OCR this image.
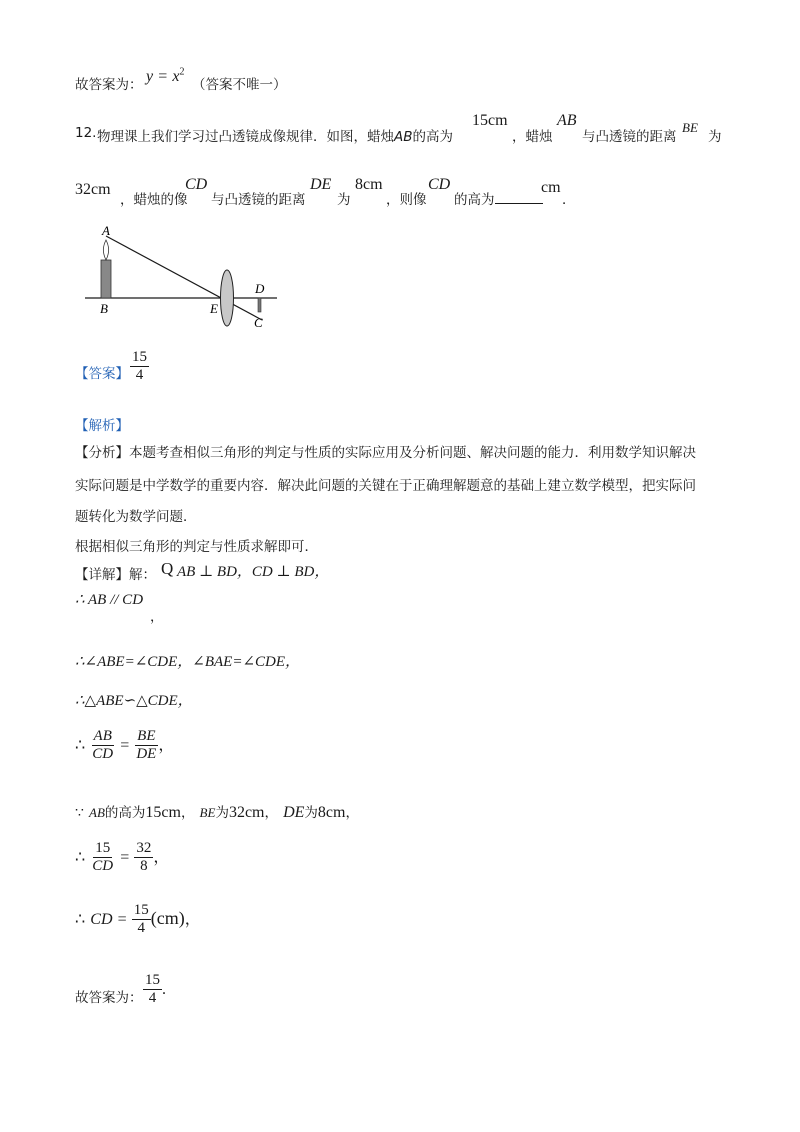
故答案为： $y = x^2$
（答案不唯一）
12. 物理课上我们学习过凸透镜成像规律．如图，蜡烛AB的高为
15cm
，蜡烛
AB
与凸透镜的距离
BE
为
32cm
，蜡烛的像
CD
与凸透镜的距离
DE
为
8cm
，则像
CD
的高为
cm
．
A
B	E
D
C
【答案】 $\frac{15}{4}$
【解析】
【分析】本题考查相似三角形的判定与性质的实际应用及分析问题、解决问题的能力．利用数学知识解决
实际问题是中学数学的重要内容．解决此问题的关键在于正确理解题意的基础上建立数学模型，把实际问
题转化为数学问题．
根据相似三角形的判定与性质求解即可．
【详解】解： Q AB ⊥ BD，CD ⊥ BD，
∴ AB // CD
，
∴∠ABE=∠CDE，∠BAE=∠CDE，
∴△ABE∽△CDE，
∴ $\frac{AB}{CD} = \frac{BE}{DE}$ ，
∵ AB的高为15cm， BE为32cm， DE为8cm，
∴ $\frac{15}{CD} = \frac{32}{8}$ ，
∴ CD = $\frac{15}{4} (cm)$，
故答案为： $\frac{15}{4}$ .
